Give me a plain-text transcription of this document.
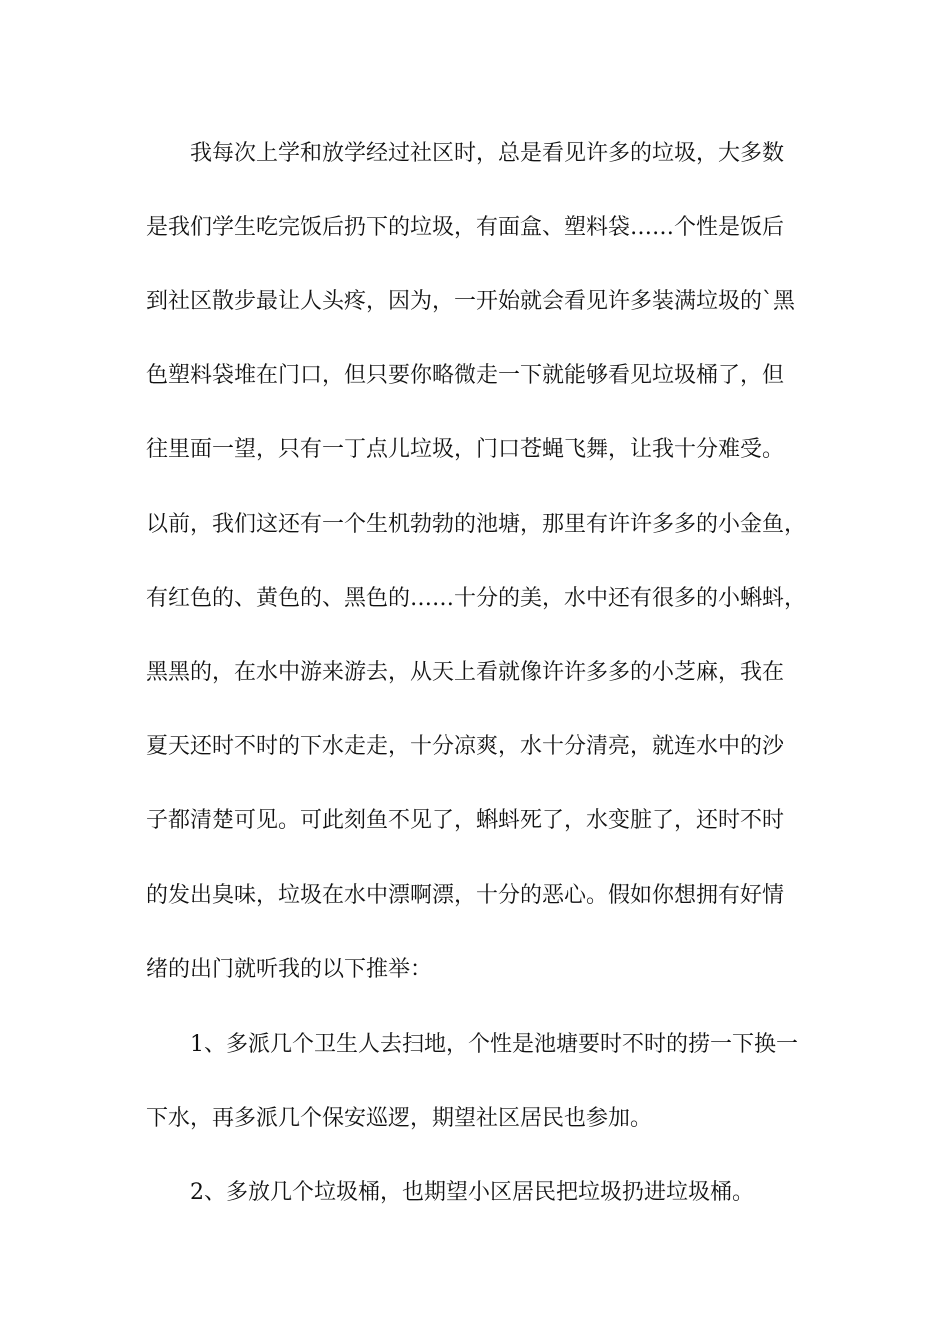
我每次上学和放学经过社区时，总是看见许多的垃圾，大多数

是我们学生吃完饭后扔下的垃圾，有面盒、塑料袋……个性是饭后

到社区散步最让人头疼，因为，一开始就会看见许多装满垃圾的`黑

色塑料袋堆在门口，但只要你略微走一下就能够看见垃圾桶了，但

往里面一望，只有一丁点儿垃圾，门口苍蝇飞舞，让我十分难受。

以前，我们这还有一个生机勃勃的池塘，那里有许许多多的小金鱼，

有红色的、黄色的、黑色的……十分的美，水中还有很多的小蝌蚪，

黑黑的，在水中游来游去，从天上看就像许许多多的小芝麻，我在

夏天还时不时的下水走走，十分凉爽，水十分清亮，就连水中的沙

子都清楚可见。可此刻鱼不见了，蝌蚪死了，水变脏了，还时不时

的发出臭味，垃圾在水中漂啊漂，十分的恶心。假如你想拥有好情

绪的出门就听我的以下推举：

1、多派几个卫生人去扫地，个性是池塘要时不时的捞一下换一

下水，再多派几个保安巡逻，期望社区居民也参加。

2、多放几个垃圾桶，也期望小区居民把垃圾扔进垃圾桶。
